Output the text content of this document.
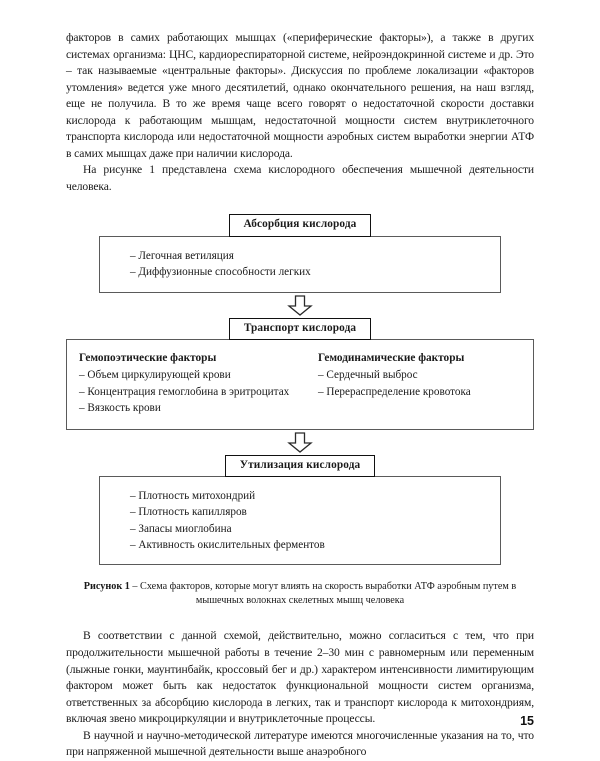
факторов в самих работающих мышцах («периферические факторы»), а также в других системах организма: ЦНС, кардиореспираторной системе, нейроэндокринной системе и др. Это – так называемые «центральные факторы». Дискуссия по проблеме локализации «факторов утомления» ведется уже много десятилетий, однако окончательного решения, на наш взгляд, еще не получила. В то же время чаще всего говорят о недостаточной скорости доставки кислорода к работающим мышцам, недостаточной мощности систем внутриклеточного транспорта кислорода или недостаточной мощности аэробных систем выработки энергии АТФ в самих мышцах даже при наличии кислорода.

На рисунке 1 представлена схема кислородного обеспечения мышечной деятельности человека.

Абсорбция кислорода
– Легочная ветиляция
– Диффузионные способности легких
Транспорт кислорода
Гемопоэтические факторы
– Объем циркулирующей крови
– Концентрация гемоглобина в эритроцитах
– Вязкость крови
Гемодинамические факторы
– Сердечный выброс
– Перераспределение кровотока
Утилизация кислорода
– Плотность митохондрий
– Плотность капилляров
– Запасы миоглобина
– Активность окислительных ферментов
Рисунок 1 – Схема факторов, которые могут влиять на скорость выработки АТФ аэробным путем в мышечных волокнах скелетных мышц человека

В соответствии с данной схемой, действительно, можно согласиться с тем, что при продолжительности мышечной работы в течение 2–30 мин с равномерным или переменным (лыжные гонки, маунтинбайк, кроссовый бег и др.) характером интенсивности лимитирующим фактором может быть как недостаток функциональной мощности систем организма, ответственных за абсорбцию кислорода в легких, так и транспорт кислорода к митохондриям, включая звено микроциркуляции и внутриклеточные процессы.

В научной и научно-методической литературе имеются многочисленные указания на то, что при напряженной мышечной деятельности выше анаэробного

15
